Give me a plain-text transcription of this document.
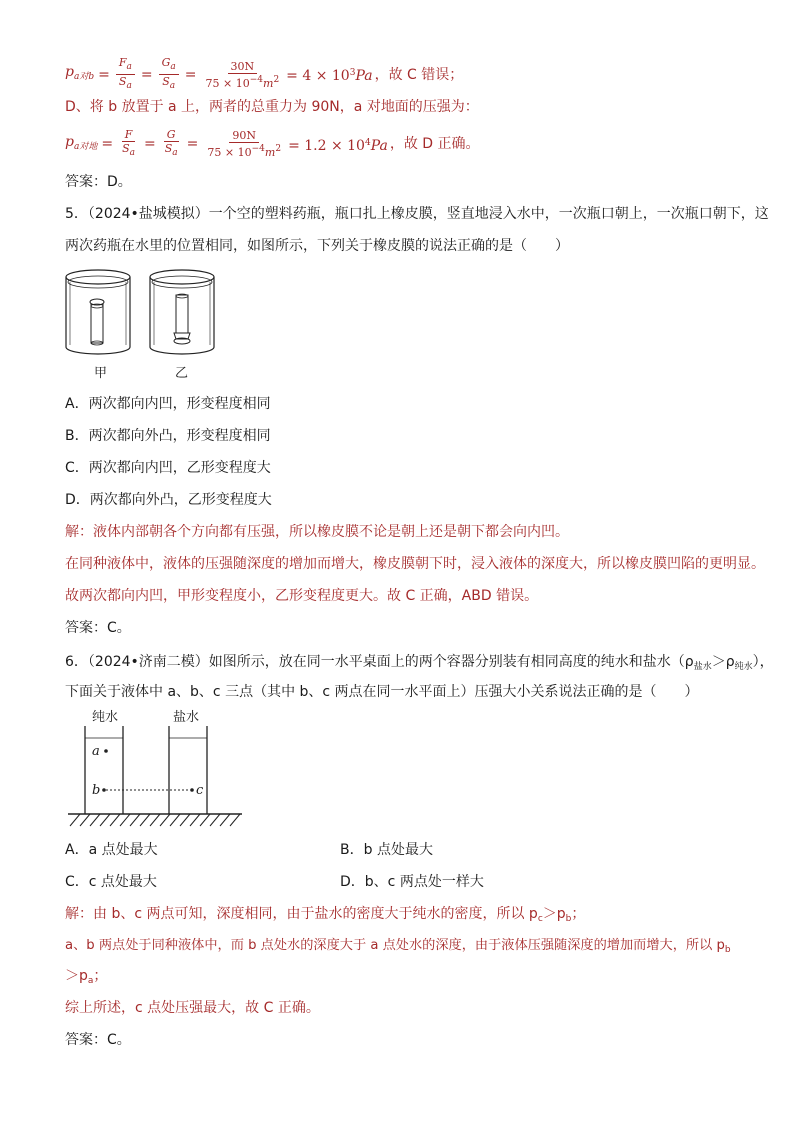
$p_{a对b} = \frac{F_a}{S_a} = \frac{G_a}{S_a} = \frac{30N}{75 \times 10^{-4}m^2} = 4 \times 10^3Pa$ ，故 C 错误；
D、将 b 放置于 a 上，两者的总重力为 90N，a 对地面的压强为：
$p_{a对地} = \frac{F}{S_a} = \frac{G}{S_a} = \frac{90N}{75 \times 10^{-4}m^2} = 1.2 \times 10^4Pa$ ，故 D 正确。
答案：D。
5．（2024•盐城模拟）一个空的塑料药瓶，瓶口扎上橡皮膜，竖直地浸入水中，一次瓶口朝上，一次瓶口朝下，这
两次药瓶在水里的位置相同，如图所示，下列关于橡皮膜的说法正确的是（　　）
甲	乙
A．两次都向内凹，形变程度相同
B．两次都向外凸，形变程度相同
C．两次都向内凹，乙形变程度大
D．两次都向外凸，乙形变程度大
解：液体内部朝各个方向都有压强，所以橡皮膜不论是朝上还是朝下都会向内凹。
在同种液体中，液体的压强随深度的增加而增大，橡皮膜朝下时，浸入液体的深度大，所以橡皮膜凹陷的更明显。
故两次都向内凹，甲形变程度小，乙形变程度更大。故 C 正确，ABD 错误。
答案：C。
6．（2024•济南二模）如图所示，放在同一水平桌面上的两个容器分别装有相同高度的纯水和盐水$(\rho_{盐水}>\rho_{纯水})$，
下面关于液体中 a、b、c 三点（其中 b、c 两点在同一水平面上）压强大小关系说法正确的是（　　）
纯水	盐水
a
b	c
A．a 点处最大	B．b 点处最大
C．c 点处最大	D．b、c 两点处一样大
解：由 b、c 两点可知，深度相同，由于盐水的密度大于纯水的密度，所以 $p_c>p_b$；
a、b 两点处于同种液体中，而 b 点处水的深度大于 a 点处水的深度，由于液体压强随深度的增加而增大，所以 $p_b$
$>p_a$；
综上所述，c 点处压强最大，故 C 正确。
答案：C。
